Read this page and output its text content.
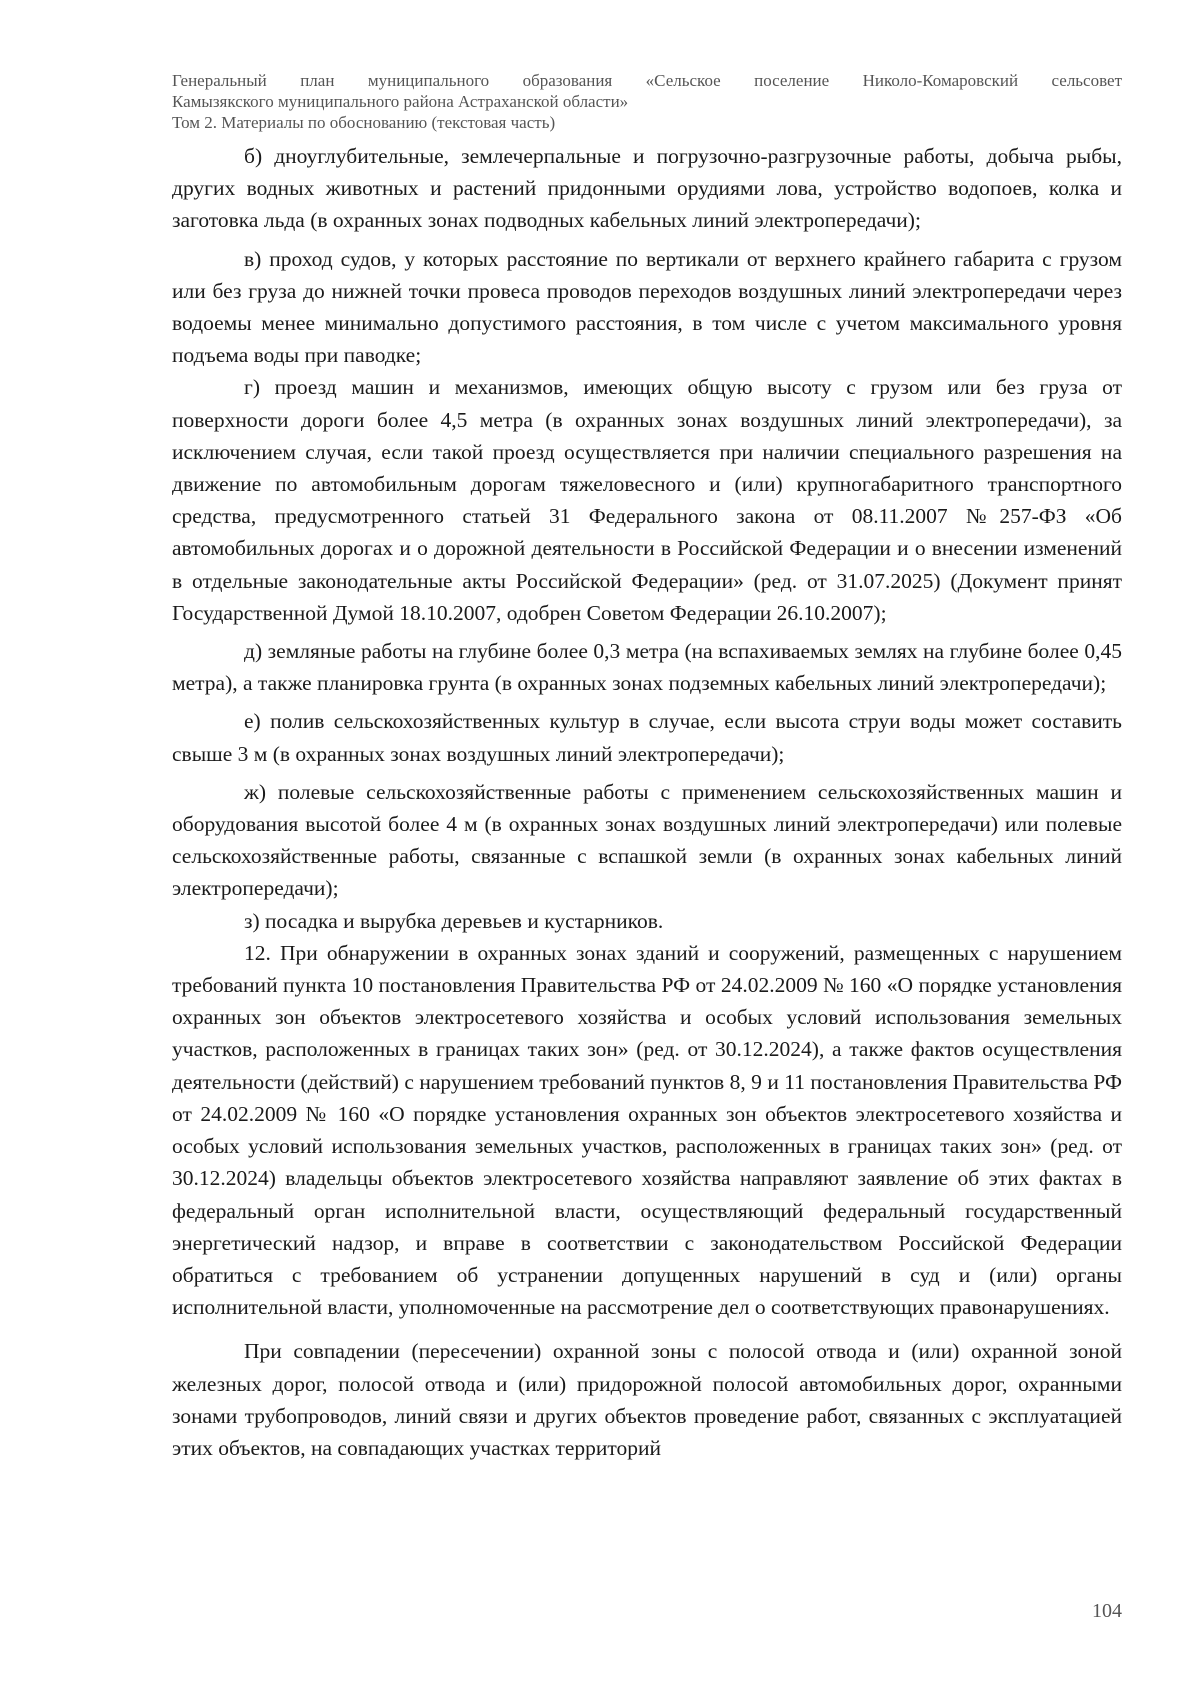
Генеральный план муниципального образования «Сельское поселение Николо-Комаровский сельсовет
Камызякского муниципального района Астраханской области»
Том 2. Материалы по обоснованию (текстовая часть)

б) дноуглубительные, землечерпальные и погрузочно-разгрузочные работы, добыча рыбы, других водных животных и растений придонными орудиями лова, устройство водопоев, колка и заготовка льда (в охранных зонах подводных кабельных линий электропередачи);

в) проход судов, у которых расстояние по вертикали от верхнего крайнего габарита с грузом или без груза до нижней точки провеса проводов переходов воздушных линий электропередачи через водоемы менее минимально допустимого расстояния, в том числе с учетом максимального уровня подъема воды при паводке;

г) проезд машин и механизмов, имеющих общую высоту с грузом или без груза от поверхности дороги более 4,5 метра (в охранных зонах воздушных линий электропередачи), за исключением случая, если такой проезд осуществляется при наличии специального разрешения на движение по автомобильным дорогам тяжеловесного и (или) крупногабаритного транспортного средства, предусмотренного статьей 31 Федерального закона от 08.11.2007 №257-ФЗ «Об автомобильных дорогах и о дорожной деятельности в Российской Федерации и о внесении изменений в отдельные законодательные акты Российской Федерации» (ред. от 31.07.2025) (Документ принят Государственной Думой 18.10.2007, одобрен Советом Федерации 26.10.2007);

д) земляные работы на глубине более 0,3 метра (на вспахиваемых землях на глубине более 0,45 метра), а также планировка грунта (в охранных зонах подземных кабельных линий электропередачи);

е) полив сельскохозяйственных культур в случае, если высота струи воды может составить свыше 3 м (в охранных зонах воздушных линий электропередачи);

ж) полевые сельскохозяйственные работы с применением сельскохозяйственных машин и оборудования высотой более 4 м (в охранных зонах воздушных линий электропередачи) или полевые сельскохозяйственные работы, связанные с вспашкой земли (в охранных зонах кабельных линий электропередачи);

з) посадка и вырубка деревьев и кустарников.

12. При обнаружении в охранных зонах зданий и сооружений, размещенных с нарушением требований пункта 10 постановления Правительства РФ от 24.02.2009 № 160 «О порядке установления охранных зон объектов электросетевого хозяйства и особых условий использования земельных участков, расположенных в границах таких зон» (ред. от 30.12.2024), а также фактов осуществления деятельности (действий) с нарушением требований пунктов 8, 9 и 11 постановления Правительства РФ от 24.02.2009 № 160 «О порядке установления охранных зон объектов электросетевого хозяйства и особых условий использования земельных участков, расположенных в границах таких зон» (ред. от 30.12.2024) владельцы объектов электросетевого хозяйства направляют заявление об этих фактах в федеральный орган исполнительной власти, осуществляющий федеральный государственный энергетический надзор, и вправе в соответствии с законодательством Российской Федерации обратиться с требованием об устранении допущенных нарушений в суд и (или) органы исполнительной власти, уполномоченные на рассмотрение дел о соответствующих правонарушениях.

При совпадении (пересечении) охранной зоны с полосой отвода и (или) охранной зоной железных дорог, полосой отвода и (или) придорожной полосой автомобильных дорог, охранными зонами трубопроводов, линий связи и других объектов проведение работ, связанных с эксплуатацией этих объектов, на совпадающих участках территорий

104
